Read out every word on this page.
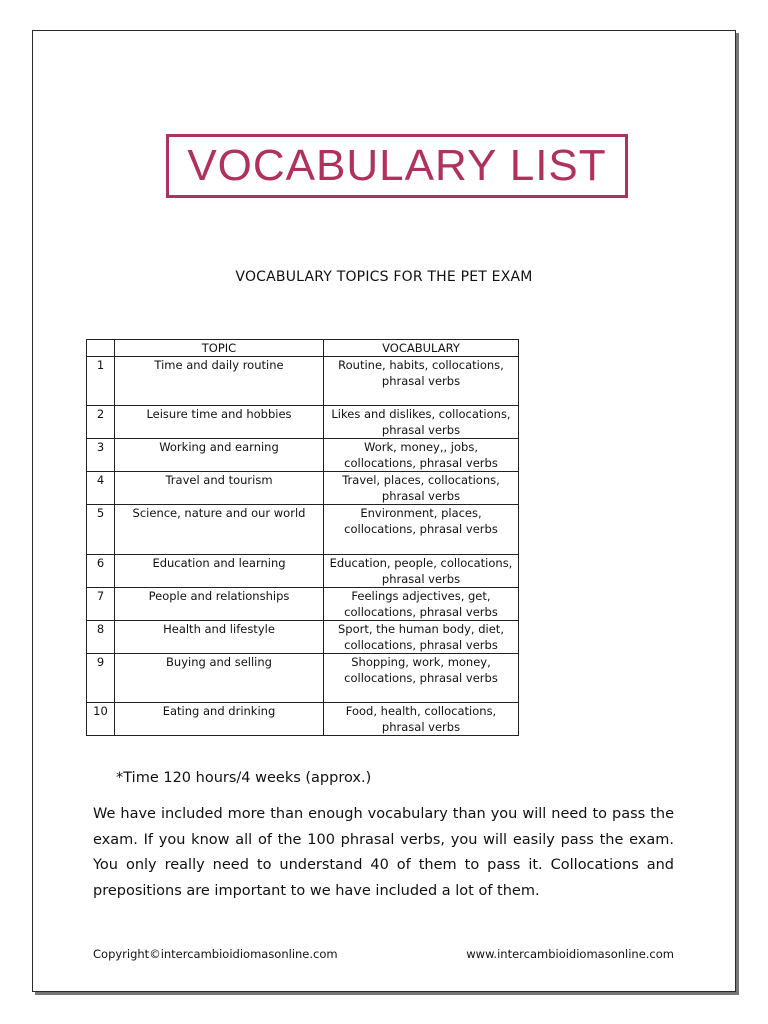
VOCABULARY LIST
VOCABULARY TOPICS FOR THE PET EXAM
	TOPIC	VOCABULARY
1	Time and daily routine	Routine, habits, collocations, phrasal verbs
2	Leisure time and hobbies	Likes and dislikes, collocations, phrasal verbs
3	Working and earning	Work, money,, jobs, collocations, phrasal verbs
4	Travel and tourism	Travel, places, collocations, phrasal verbs
5	Science, nature and our world	Environment, places, collocations, phrasal verbs
6	Education and learning	Education, people, collocations, phrasal verbs
7	People and relationships	Feelings adjectives, get, collocations, phrasal verbs
8	Health and lifestyle	Sport, the human body, diet, collocations, phrasal verbs
9	Buying and selling	Shopping, work, money, collocations, phrasal verbs
10	Eating and drinking	Food, health, collocations, phrasal verbs
*Time 120 hours/4 weeks (approx.)

We have included more than enough vocabulary than you will need to pass the exam. If you know all of the 100 phrasal verbs, you will easily pass the exam. You only really need to understand 40 of them to pass it. Collocations and prepositions are important to we have included a lot of them.

Copyright©intercambioidiomasonline.com	www.intercambioidiomasonline.com
